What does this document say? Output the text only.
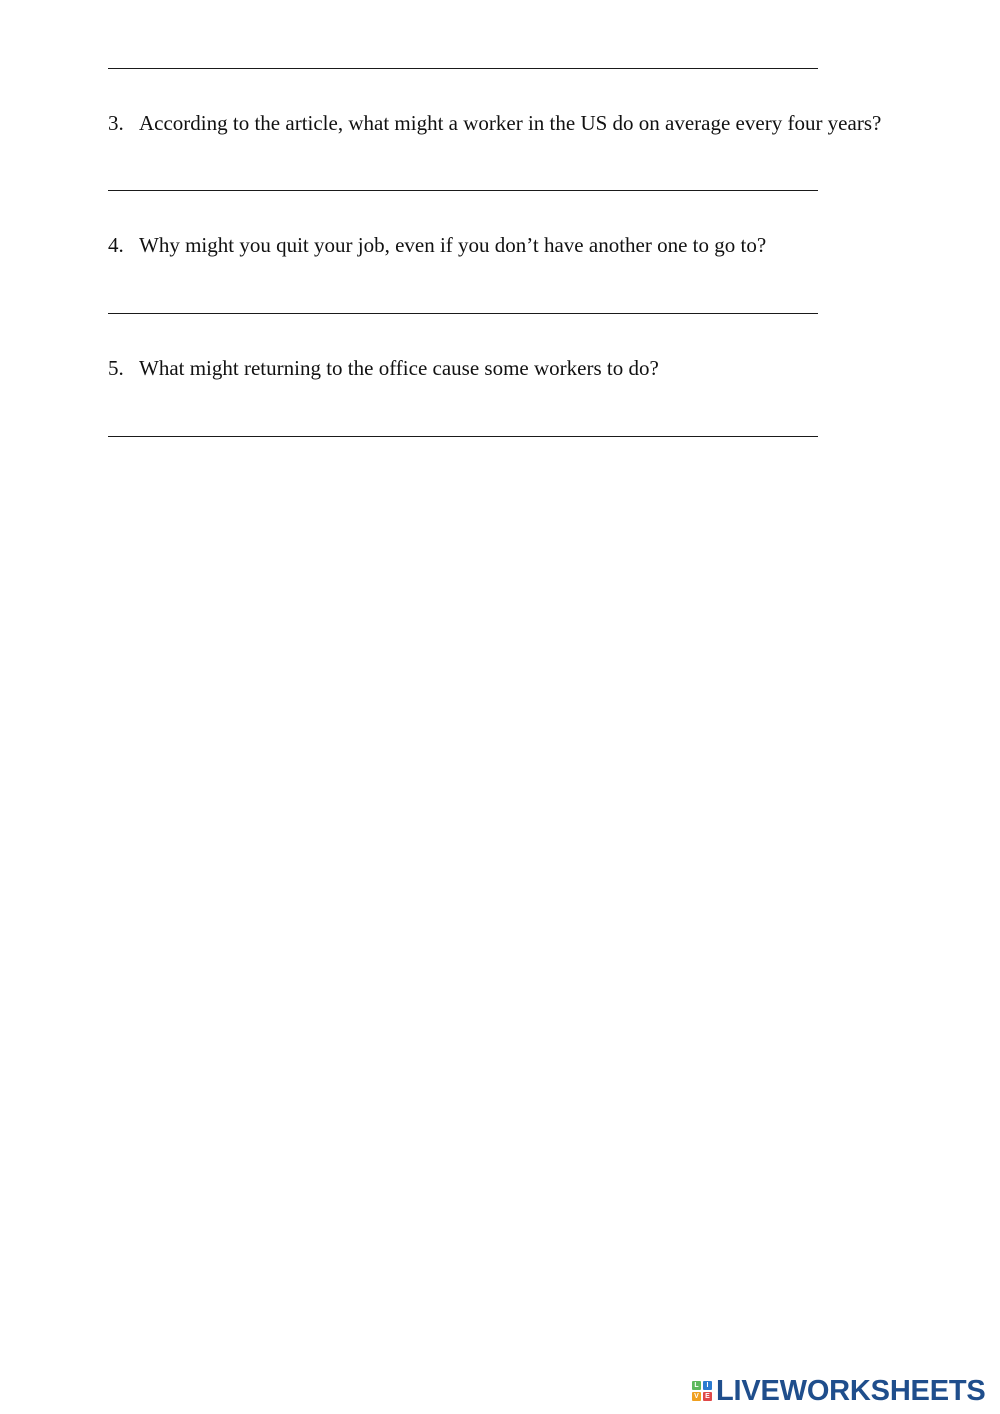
3. According to the article, what might a worker in the US do on average every four years?
4. Why might you quit your job, even if you don’t have another one to go to?
5. What might returning to the office cause some workers to do?
L	I
V E LIVEWORKSHEETS
